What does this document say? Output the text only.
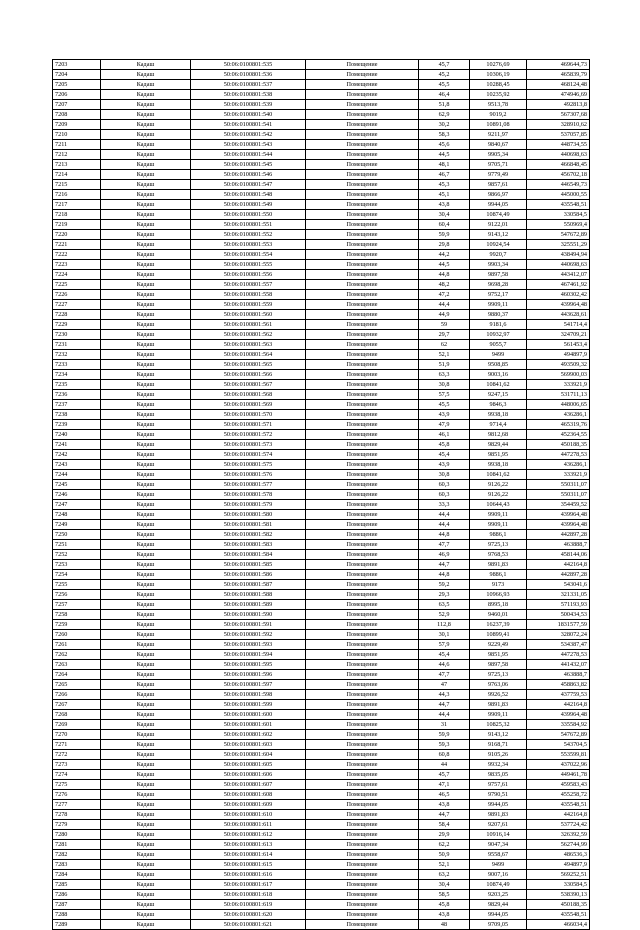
7203	Кадаш	50:06:0100801:535	Помещение	45,7	10276,69	469644,73
7204	Кадаш	50:06:0100801:536	Помещение	45,2	10306,19	465839,79
7205	Кадаш	50:06:0100801:537	Помещение	45,5	10288,45	468124,48
7206	Кадаш	50:06:0100801:538	Помещение	46,4	10235,92	474946,69
7207	Кадаш	50:06:0100801:539	Помещение	51,8	9513,78	492813,8
7208	Кадаш	50:06:0100801:540	Помещение	62,9	9019,2	567307,68
7209	Кадаш	50:06:0100801:541	Помещение	30,2	10891,08	328910,62
7210	Кадаш	50:06:0100801:542	Помещение	58,3	9211,97	537057,85
7211	Кадаш	50:06:0100801:543	Помещение	45,6	9840,67	448734,55
7212	Кадаш	50:06:0100801:544	Помещение	44,5	9905,34	440698,63
7213	Кадаш	50:06:0100801:545	Помещение	48,1	9705,71	466848,45
7214	Кадаш	50:06:0100801:546	Помещение	46,7	9779,49	456702,18
7215	Кадаш	50:06:0100801:547	Помещение	45,3	9857,61	446549,73
7216	Кадаш	50:06:0100801:548	Помещение	45,1	9866,97	445000,55
7217	Кадаш	50:06:0100801:549	Помещение	43,8	9944,05	435548,51
7218	Кадаш	50:06:0100801:550	Помещение	30,4	10874,49	330584,5
7219	Кадаш	50:06:0100801:551	Помещение	60,4	9122,01	550969,4
7220	Кадаш	50:06:0100801:552	Помещение	59,9	9143,12	547672,89
7221	Кадаш	50:06:0100801:553	Помещение	29,8	10924,54	325551,29
7222	Кадаш	50:06:0100801:554	Помещение	44,2	9920,7	438494,94
7223	Кадаш	50:06:0100801:555	Помещение	44,5	9903,34	440698,63
7224	Кадаш	50:06:0100801:556	Помещение	44,8	9897,58	443412,07
7225	Кадаш	50:06:0100801:557	Помещение	48,2	9698,28	467461,92
7226	Кадаш	50:06:0100801:558	Помещение	47,2	9752,17	460302,42
7227	Кадаш	50:06:0100801:559	Помещение	44,4	9909,11	439964,48
7228	Кадаш	50:06:0100801:560	Помещение	44,9	9880,37	443628,61
7229	Кадаш	50:06:0100801:561	Помещение	59	9181,6	541714,4
7230	Кадаш	50:06:0100801:562	Помещение	29,7	10932,97	324709,21
7231	Кадаш	50:06:0100801:563	Помещение	62	9055,7	561453,4
7232	Кадаш	50:06:0100801:564	Помещение	52,1	9499	494897,9
7233	Кадаш	50:06:0100801:565	Помещение	51,9	9508,85	493509,32
7234	Кадаш	50:06:0100801:566	Помещение	63,3	9003,16	569900,03
7235	Кадаш	50:06:0100801:567	Помещение	30,8	10841,62	333921,9
7236	Кадаш	50:06:0100801:568	Помещение	57,5	9247,15	531711,13
7237	Кадаш	50:06:0100801:569	Помещение	45,5	9846,3	448006,65
7238	Кадаш	50:06:0100801:570	Помещение	43,9	9938,18	436286,1
7239	Кадаш	50:06:0100801:571	Помещение	47,9	9714,4	465319,76
7240	Кадаш	50:06:0100801:572	Помещение	46,1	9812,68	452364,55
7241	Кадаш	50:06:0100801:573	Помещение	45,8	9829,44	450188,35
7242	Кадаш	50:06:0100801:574	Помещение	45,4	9851,95	447278,53
7243	Кадаш	50:06:0100801:575	Помещение	43,9	9938,18	436286,1
7244	Кадаш	50:06:0100801:576	Помещение	30,8	10841,62	333921,9
7245	Кадаш	50:06:0100801:577	Помещение	60,3	9126,22	550311,07
7246	Кадаш	50:06:0100801:578	Помещение	60,3	9126,22	550311,07
7247	Кадаш	50:06:0100801:579	Помещение	33,3	10644,43	354459,52
7248	Кадаш	50:06:0100801:580	Помещение	44,4	9909,11	439964,48
7249	Кадаш	50:06:0100801:581	Помещение	44,4	9909,11	439964,48
7250	Кадаш	50:06:0100801:582	Помещение	44,8	9886,1	442897,28
7251	Кадаш	50:06:0100801:583	Помещение	47,7	9725,13	463888,7
7252	Кадаш	50:06:0100801:584	Помещение	46,9	9768,53	458144,06
7253	Кадаш	50:06:0100801:585	Помещение	44,7	9891,83	442164,8
7254	Кадаш	50:06:0100801:586	Помещение	44,8	9886,1	442897,28
7255	Кадаш	50:06:0100801:587	Помещение	59,2	9173	543041,6
7256	Кадаш	50:06:0100801:588	Помещение	29,3	10966,93	321331,05
7257	Кадаш	50:06:0100801:589	Помещение	63,5	8995,18	571193,93
7258	Кадаш	50:06:0100801:590	Помещение	52,9	9460,01	500434,53
7259	Кадаш	50:06:0100801:591	Помещение	112,8	16237,39	1831577,59
7260	Кадаш	50:06:0100801:592	Помещение	30,1	10899,41	328072,24
7261	Кадаш	50:06:0100801:593	Помещение	57,9	9229,49	534387,47
7262	Кадаш	50:06:0100801:594	Помещение	45,4	9851,95	447278,53
7263	Кадаш	50:06:0100801:595	Помещение	44,6	9897,58	441432,07
7264	Кадаш	50:06:0100801:596	Помещение	47,7	9725,13	463888,7
7265	Кадаш	50:06:0100801:597	Помещение	47	9763,06	458863,82
7266	Кадаш	50:06:0100801:598	Помещение	44,3	9926,52	437759,53
7267	Кадаш	50:06:0100801:599	Помещение	44,7	9891,83	442164,8
7268	Кадаш	50:06:0100801:600	Помещение	44,4	9909,11	439964,48
7269	Кадаш	50:06:0100801:601	Помещение	31	10825,32	335584,92
7270	Кадаш	50:06:0100801:602	Помещение	59,9	9143,12	547672,89
7271	Кадаш	50:06:0100801:603	Помещение	59,3	9168,71	543704,5
7272	Кадаш	50:06:0100801:604	Помещение	60,8	9105,26	553599,81
7273	Кадаш	50:06:0100801:605	Помещение	44	9932,34	437022,96
7274	Кадаш	50:06:0100801:606	Помещение	45,7	9835,05	449461,78
7275	Кадаш	50:06:0100801:607	Помещение	47,1	9757,61	459583,43
7276	Кадаш	50:06:0100801:608	Помещение	46,5	9790,51	455258,72
7277	Кадаш	50:06:0100801:609	Помещение	43,8	9944,05	435548,51
7278	Кадаш	50:06:0100801:610	Помещение	44,7	9891,83	442164,8
7279	Кадаш	50:06:0100801:611	Помещение	58,4	9207,61	537724,42
7280	Кадаш	50:06:0100801:612	Помещение	29,9	10916,14	326392,59
7281	Кадаш	50:06:0100801:613	Помещение	62,2	9047,34	562744,99
7282	Кадаш	50:06:0100801:614	Помещение	50,9	9558,67	486536,3
7283	Кадаш	50:06:0100801:615	Помещение	52,1	9499	494897,9
7284	Кадаш	50:06:0100801:616	Помещение	63,2	9007,16	569252,51
7285	Кадаш	50:06:0100801:617	Помещение	30,4	10874,49	330584,5
7286	Кадаш	50:06:0100801:618	Помещение	58,5	9203,25	538390,13
7287	Кадаш	50:06:0100801:619	Помещение	45,8	9829,44	450188,35
7288	Кадаш	50:06:0100801:620	Помещение	43,8	9944,05	435548,51
7289	Кадаш	50:06:0100801:621	Помещение	48	9709,05	466034,4
